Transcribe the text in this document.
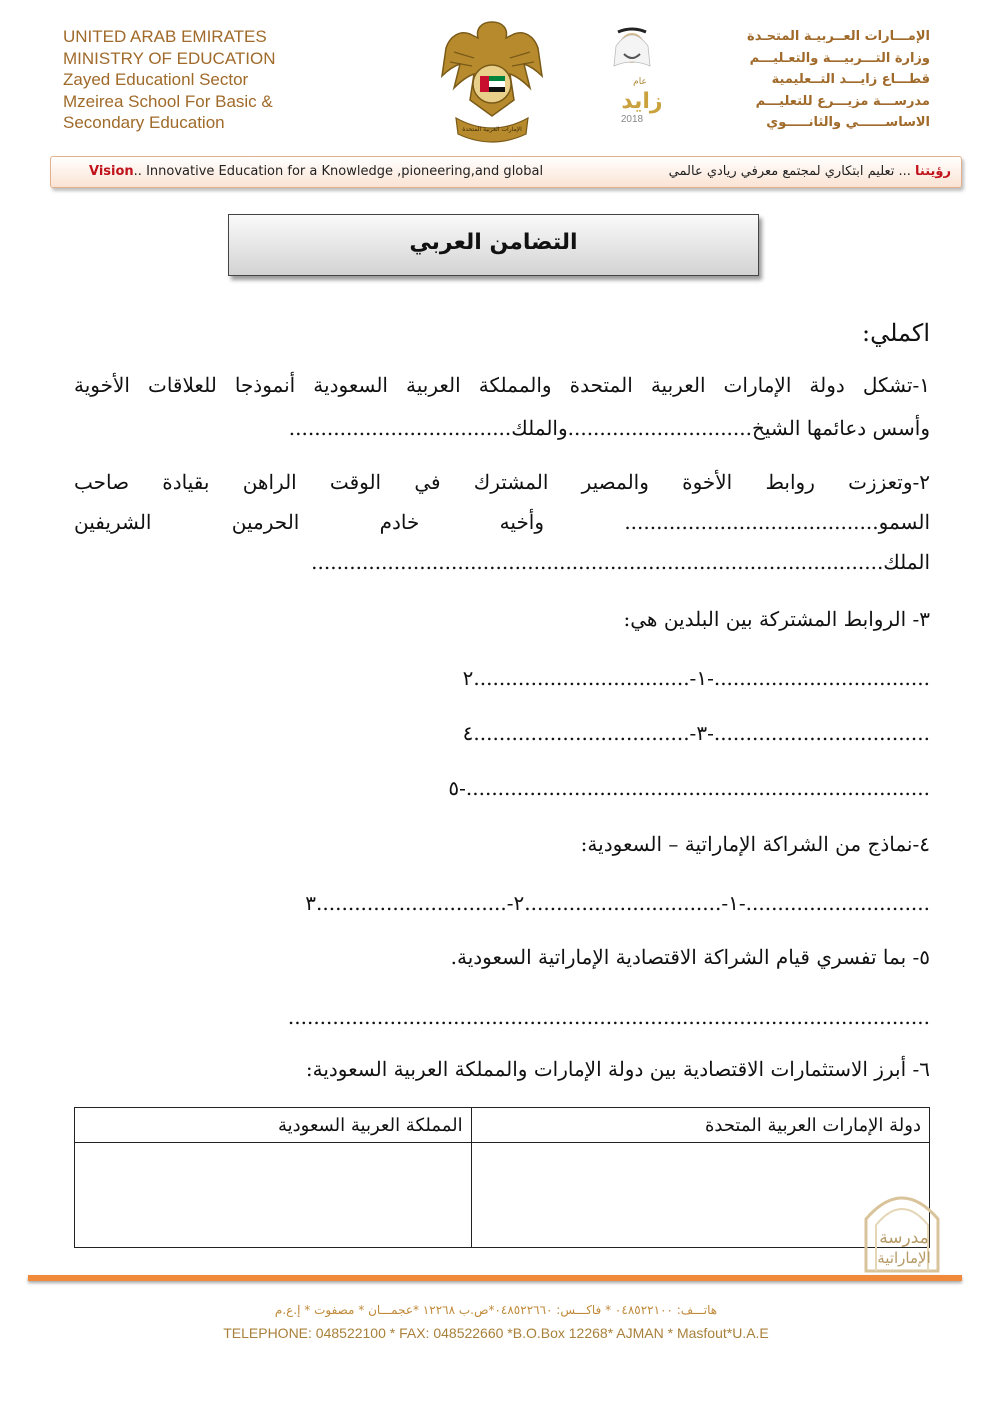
UNITED ARAB EMIRATES
MINISTRY OF EDUCATION
Zayed Educationl Sector
Mzeirea School For Basic &
Secondary Education	الإمارات العربية المتحدة
عام
زايد
2018
الإمـــارات العــربيـة المتحـدة
وزارة التـــربيـــة والتعـليـــم
قطـــاع زايـــد التــعليمية
مدرســـة مزيـــرع للتعليـــم
الاساســــــي والثانـــــوي
Vision.. Innovative Education for a Knowledge ,pioneering,and global	رؤيتنا ... تعليم ابتكاري لمجتمع معرفي ريادي عالمي
التضامن العربي
اكملي:
١-تشكل دولة الإمارات العربية المتحدة والمملكة العربية السعودية أنموذجا للعلاقات الأخوية
وأسس دعائمها الشيخ.............................والملك...................................
٢-وتعززت روابط الأخوة والمصير المشترك في الوقت الراهن بقيادة صاحب
السمو........................................ وأخيه خادم الحرمين الشريفين
الملك..........................................................................................
٣- الروابط المشتركة بين البلدين هي:
١-..................................٢-..................................
٣-..................................٤-..................................
٥-.........................................................................
٤-نماذج من الشراكة الإماراتية – السعودية:
١-...............................٢-..............................٣-.............................
٥- بما تفسري قيام الشراكة الاقتصادية الإماراتية السعودية.
.....................................................................................................
٦- أبرز الاستثمارات الاقتصادية بين دولة الإمارات والمملكة العربية السعودية:
دولة الإمارات العربية المتحدة	المملكة العربية السعودية

مدرسة
الإماراتية
هاتـــف: ٠٤٨٥٢٢١٠٠ * فاكـــس: ٠٤٨٥٢٢٦٦٠*ص.ب ١٢٢٦٨ *عجمـــان * مصفوت * إ.ع.م
TELEPHONE: 048522100 * FAX: 048522660 *B.O.Box 12268* AJMAN * Masfout*U.A.E
